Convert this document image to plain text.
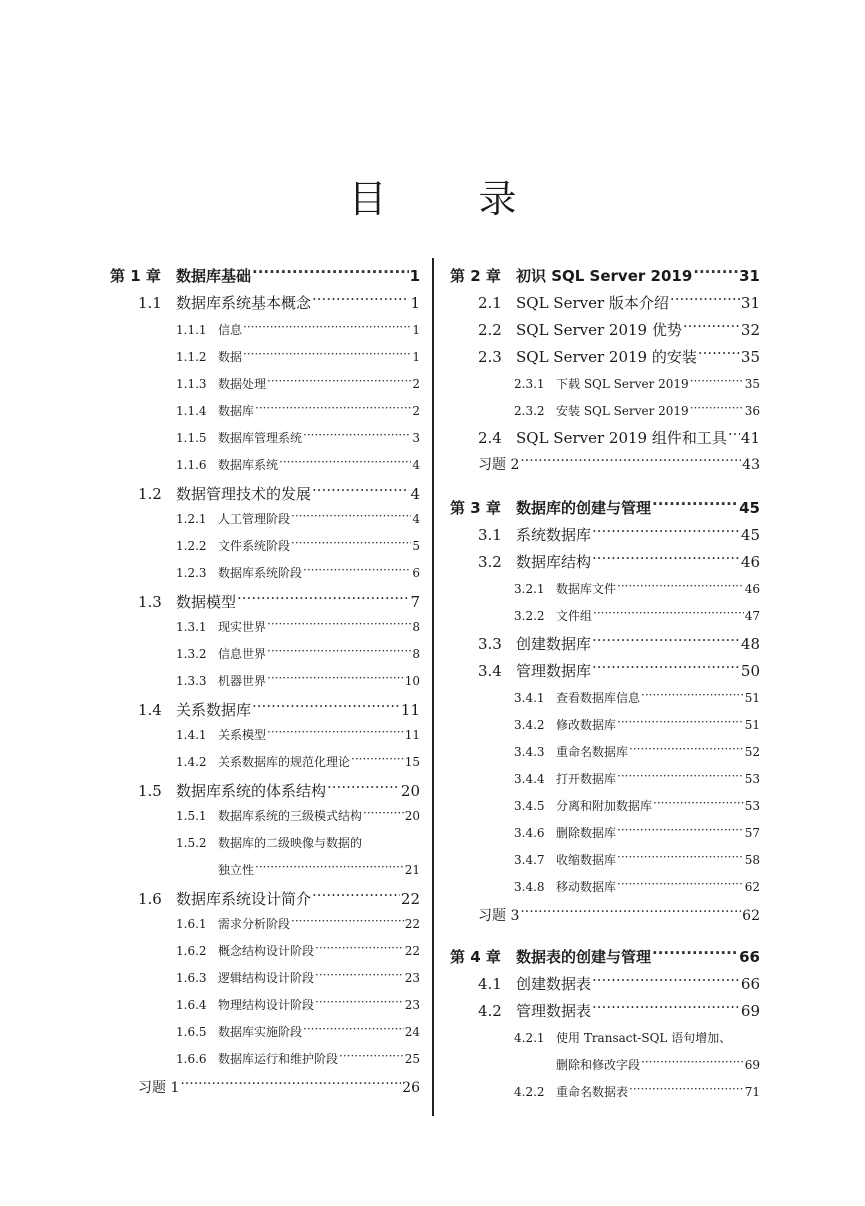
目 录
第 1 章	数据库基础 ·····	1
1.1 数据库系统基本概念 ·····	1
1.1.1 信息 ·····	1
1.1.2 数据 ·····	1
1.1.3 数据处理 ·····	2
1.1.4 数据库 ·····	2
1.1.5 数据库管理系统 ·····	3
1.1.6 数据库系统 ·····	4
1.2 数据管理技术的发展 ·····	4
1.2.1 人工管理阶段 ·····	4
1.2.2 文件系统阶段 ·····	5
1.2.3 数据库系统阶段 ·····	6
1.3 数据模型 ·····	7
1.3.1 现实世界 ·····	8
1.3.2 信息世界 ·····	8
1.3.3 机器世界 ·····	10
1.4 关系数据库 ·····	11
1.4.1 关系模型 ·····	11
1.4.2 关系数据库的规范化理论 ·····	15
1.5 数据库系统的体系结构 ·····	20
1.5.1 数据库系统的三级模式结构 ·····	20
1.5.2 数据库的二级映像与数据的
独立性 ·····	21
1.6 数据库系统设计简介 ·····	22
1.6.1 需求分析阶段 ·····	22
1.6.2 概念结构设计阶段 ·····	22
1.6.3 逻辑结构设计阶段 ·····	23
1.6.4 物理结构设计阶段 ·····	23
1.6.5 数据库实施阶段 ·····	24
1.6.6 数据库运行和维护阶段 ·····	25
习题 1 ·····	26
第 2 章	初识 SQL Server 2019 ·····	31
2.1 SQL Server 版本介绍 ·····	31
2.2 SQL Server 2019 优势 ·····	32
2.3 SQL Server 2019 的安装 ·····	35
2.3.1 下载 SQL Server 2019 ·····	35
2.3.2 安装 SQL Server 2019 ·····	36
2.4 SQL Server 2019 组件和工具 ····· 41
习题 2 ·····	43
第 3 章	数据库的创建与管理 ·····	45
3.1 系统数据库 ·····	45
3.2 数据库结构 ·····	46
3.2.1 数据库文件 ·····	46
3.2.2 文件组 ·····	47
3.3 创建数据库 ·····	48
3.4 管理数据库 ·····	50
3.4.1 查看数据库信息 ·····	51
3.4.2 修改数据库 ·····	51
3.4.3 重命名数据库 ·····	52
3.4.4 打开数据库 ·····	53
3.4.5 分离和附加数据库 ·····	53
3.4.6 删除数据库 ·····	57
3.4.7 收缩数据库 ·····	58
3.4.8 移动数据库 ·····	62
习题 3 ·····	62
第 4 章	数据表的创建与管理 ·····	66
4.1 创建数据表 ·····	66
4.2 管理数据表 ·····	69
4.2.1 使用 Transact-SQL 语句增加、
删除和修改字段 ·····	69
4.2.2 重命名数据表 ·····	71
